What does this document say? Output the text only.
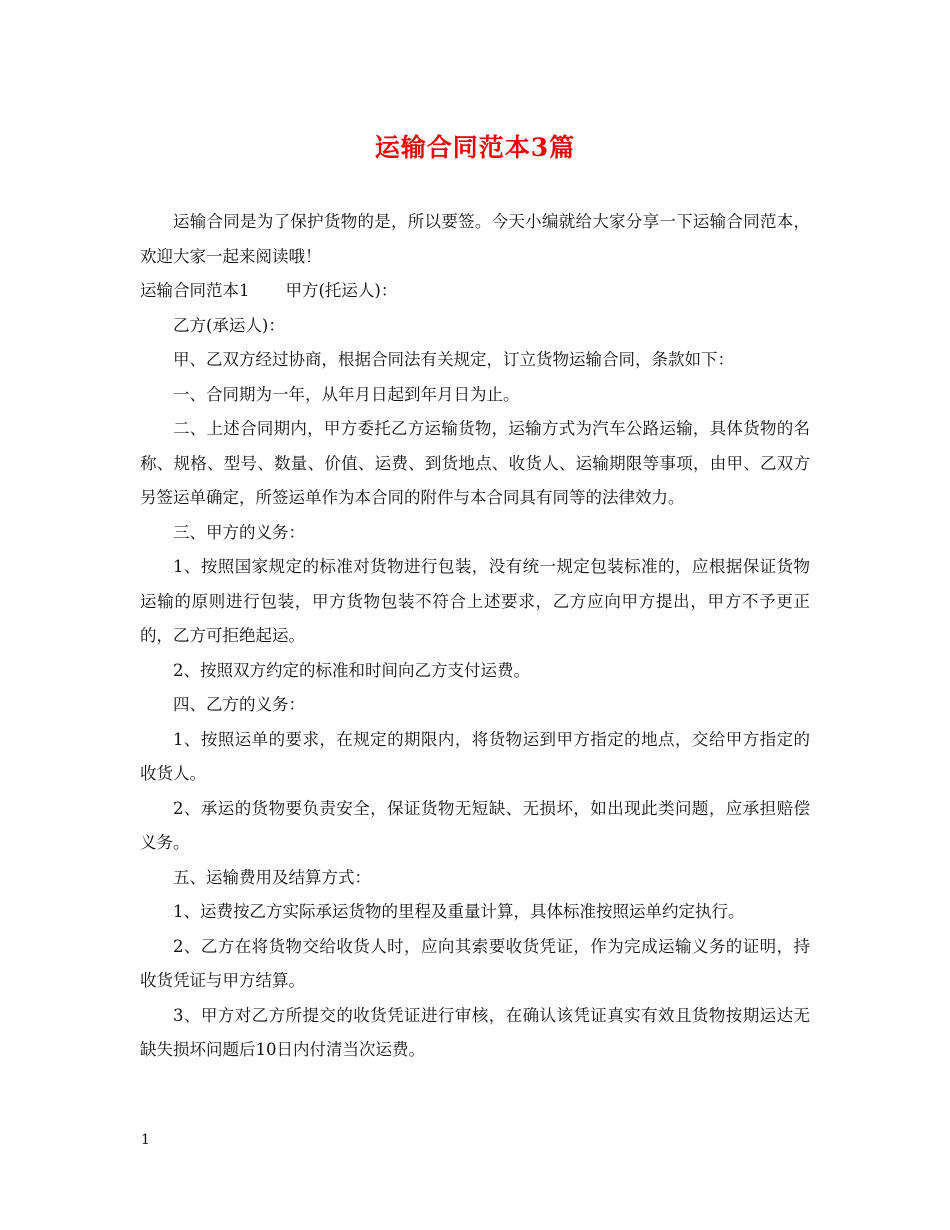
运输合同范本3篇

运输合同是为了保护货物的是，所以要签。今天小编就给大家分享一下运输合同范本，欢迎大家一起来阅读哦！

运输合同范本1 甲方(托运人)：

乙方(承运人)：

甲、乙双方经过协商，根据合同法有关规定，订立货物运输合同，条款如下：

一、合同期为一年，从年月日起到年月日为止。

二、上述合同期内，甲方委托乙方运输货物，运输方式为汽车公路运输，具体货物的名称、规格、型号、数量、价值、运费、到货地点、收货人、运输期限等事项，由甲、乙双方另签运单确定，所签运单作为本合同的附件与本合同具有同等的法律效力。

三、甲方的义务：

1、按照国家规定的标准对货物进行包装，没有统一规定包装标准的，应根据保证货物运输的原则进行包装，甲方货物包装不符合上述要求，乙方应向甲方提出，甲方不予更正的，乙方可拒绝起运。

2、按照双方约定的标准和时间向乙方支付运费。

四、乙方的义务：

1、按照运单的要求，在规定的期限内，将货物运到甲方指定的地点，交给甲方指定的收货人。

2、承运的货物要负责安全，保证货物无短缺、无损坏，如出现此类问题，应承担赔偿义务。

五、运输费用及结算方式：

1、运费按乙方实际承运货物的里程及重量计算，具体标准按照运单约定执行。

2、乙方在将货物交给收货人时，应向其索要收货凭证，作为完成运输义务的证明，持收货凭证与甲方结算。

3、甲方对乙方所提交的收货凭证进行审核，在确认该凭证真实有效且货物按期运达无缺失损坏问题后10日内付清当次运费。

1
